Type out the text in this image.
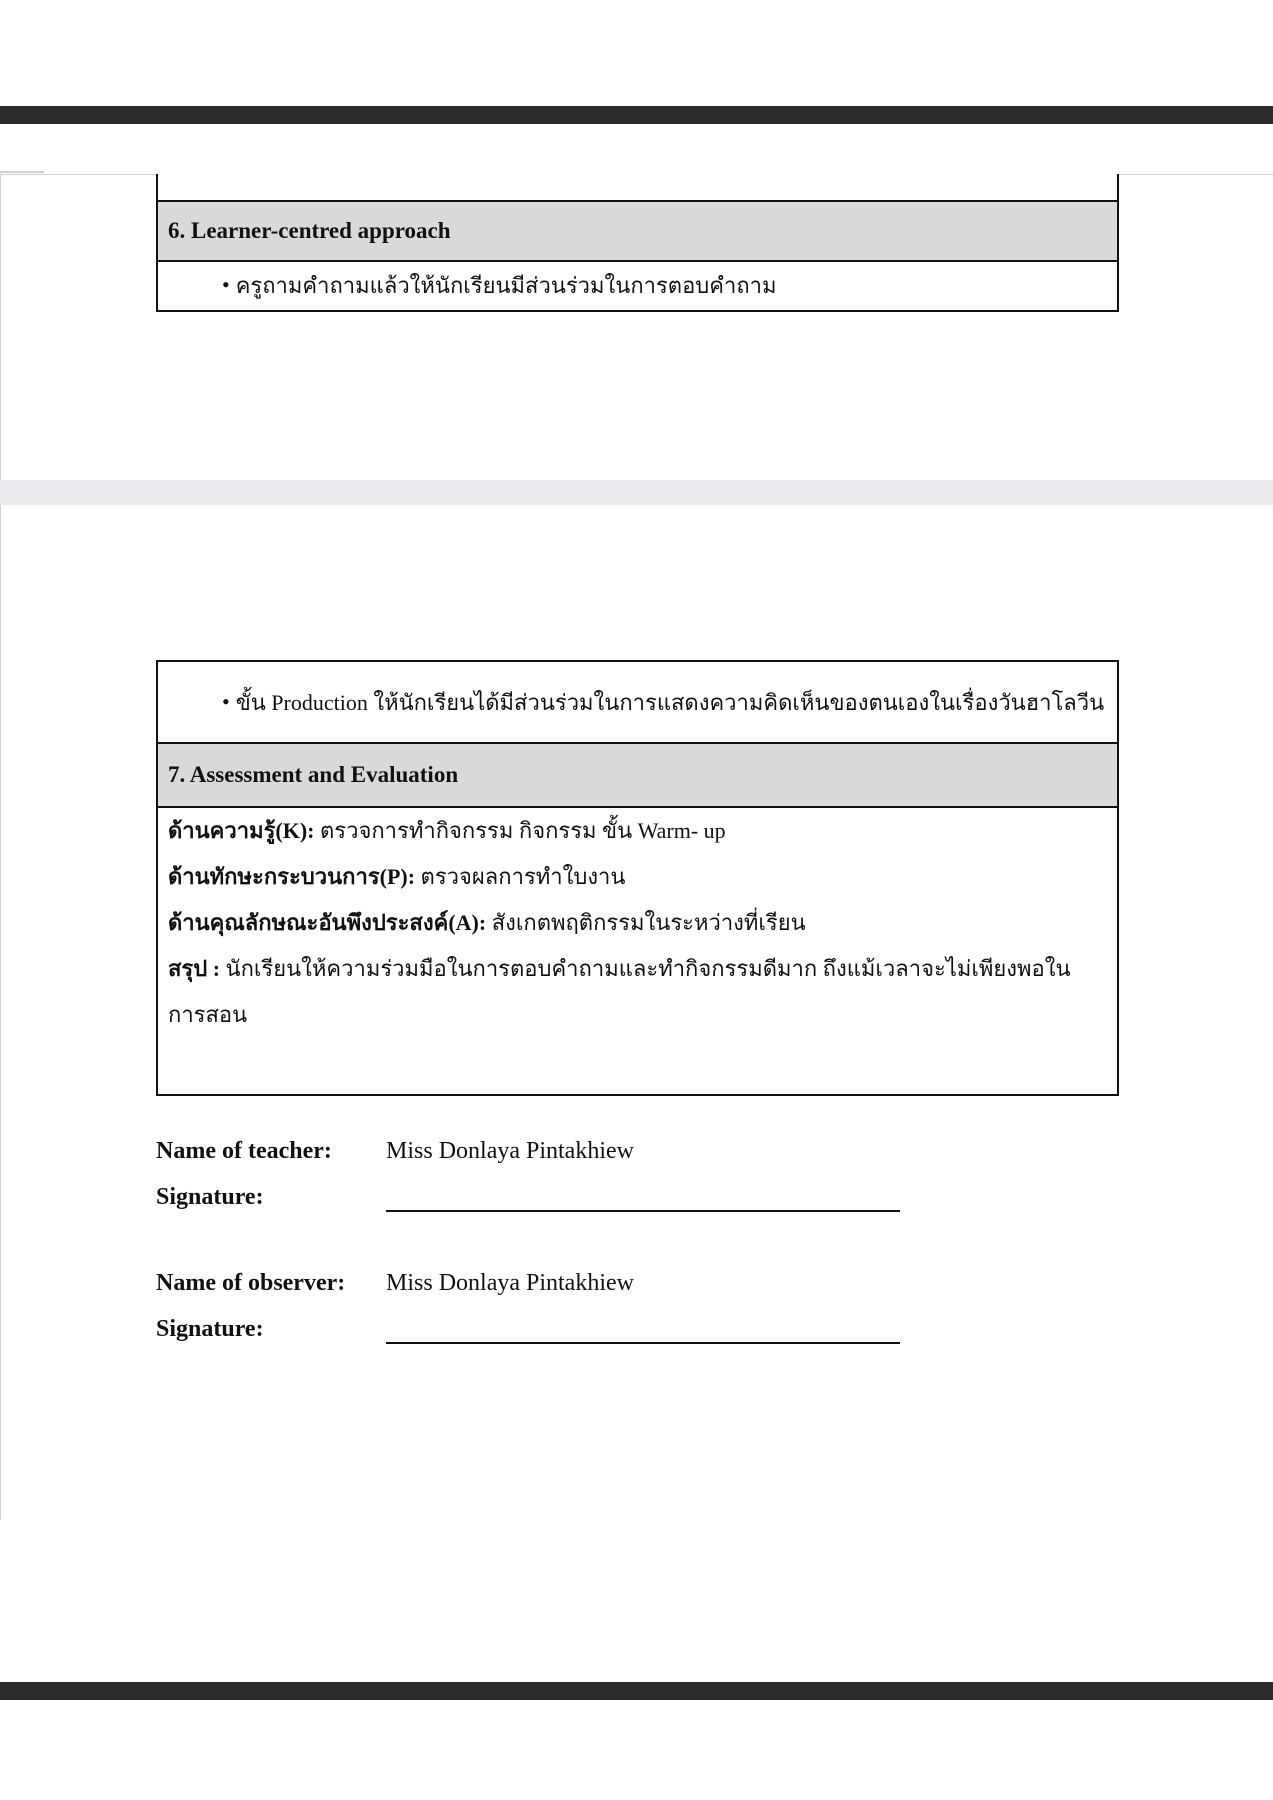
6. Learner-centred approach
• ครูถามคำถามแล้วให้นักเรียนมีส่วนร่วมในการตอบคำถาม
• ขั้น Production ให้นักเรียนได้มีส่วนร่วมในการแสดงความคิดเห็นของตนเองในเรื่องวันฮาโลวีน
7. Assessment and Evaluation
ด้านความรู้(K): ตรวจการทำกิจกรรม กิจกรรม ขั้น Warm- up
ด้านทักษะกระบวนการ(P): ตรวจผลการทำใบงาน
ด้านคุณลักษณะอันพึงประสงค์(A): สังเกตพฤติกรรมในระหว่างที่เรียน
สรุป : นักเรียนให้ความร่วมมือในการตอบคำถามและทำกิจกรรมดีมาก ถึงแม้เวลาจะไม่เพียงพอในการสอน
Name of teacher: Miss Donlaya Pintakhiew
Signature:
Name of observer: Miss Donlaya Pintakhiew
Signature:
